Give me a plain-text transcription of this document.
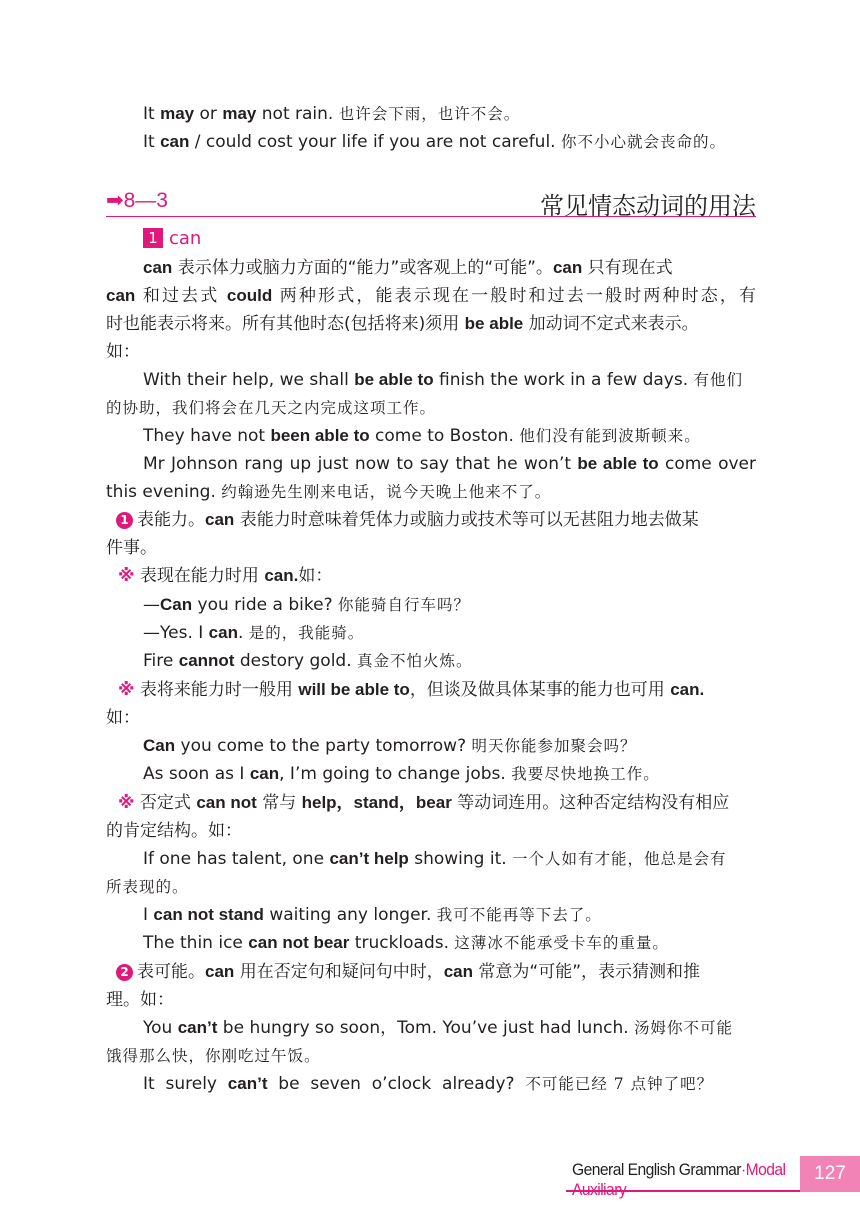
It may or may not rain. 也许会下雨，也许不会。
It can / could cost your life if you are not careful. 你不小心就会丧命的。
➡8—3	常见情态动词的用法
1 can
can 表示体力或脑力方面的“能力”或客观上的“可能”。can 只有现在式
can 和过去式 could 两种形式，能表示现在一般时和过去一般时两种时态，有
时也能表示将来。所有其他时态(包括将来)须用 be able 加动词不定式来表示。
如：
With their help, we shall be able to finish the work in a few days. 有他们
的协助，我们将会在几天之内完成这项工作。
They have not been able to come to Boston. 他们没有能到波斯顿来。
Mr Johnson rang up just now to say that he won’t be able to come over
this evening. 约翰逊先生刚来电话，说今天晚上他来不了。
1 表能力。can 表能力时意味着凭体力或脑力或技术等可以无甚阻力地去做某
件事。
※ 表现在能力时用 can.如：
—Can you ride a bike? 你能骑自行车吗？
—Yes. I can. 是的，我能骑。
Fire cannot destory gold. 真金不怕火炼。
※ 表将来能力时一般用 will be able to，但谈及做具体某事的能力也可用 can.
如：
Can you come to the party tomorrow? 明天你能参加聚会吗？
As soon as I can, I’m going to change jobs. 我要尽快地换工作。
※ 否定式 can not 常与 help，stand，bear 等动词连用。这种否定结构没有相应
的肯定结构。如：
If one has talent, one can’t help showing it. 一个人如有才能，他总是会有
所表现的。
I can not stand waiting any longer. 我可不能再等下去了。
The thin ice can not bear truckloads. 这薄冰不能承受卡车的重量。
2 表可能。can 用在否定句和疑问句中时，can 常意为“可能”，表示猜测和推
理。如：
You can’t be hungry so soon，Tom. You’ve just had lunch. 汤姆你不可能
饿得那么快，你刚吃过午饭。
It  surely  can’t  be  seven  o’clock  already?  不可能已经 7 点钟了吧？
General English Grammar·Modal	127
